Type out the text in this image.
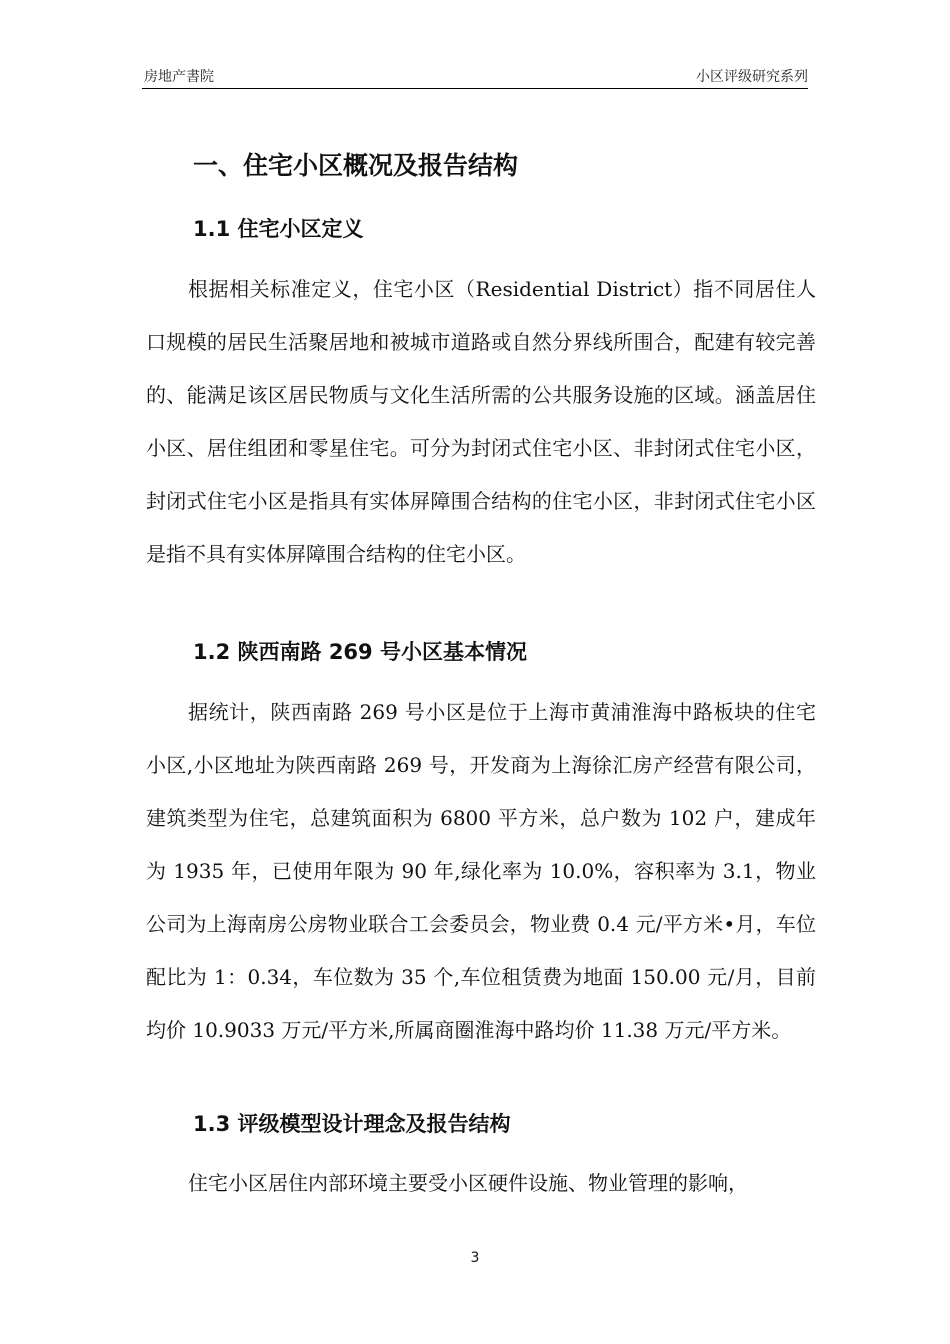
房地产書院	小区评级研究系列
一、住宅小区概况及报告结构
1.1 住宅小区定义

根据相关标准定义，住宅小区（Residential District）指不同居住人口规模的居民生活聚居地和被城市道路或自然分界线所围合，配建有较完善的、能满足该区居民物质与文化生活所需的公共服务设施的区域。涵盖居住小区、居住组团和零星住宅。可分为封闭式住宅小区、非封闭式住宅小区，封闭式住宅小区是指具有实体屏障围合结构的住宅小区，非封闭式住宅小区是指不具有实体屏障围合结构的住宅小区。

1.2 陕西南路 269 号小区基本情况

据统计，陕西南路 269 号小区是位于上海市黄浦淮海中路板块的住宅小区,小区地址为陕西南路 269 号，开发商为上海徐汇房产经营有限公司，建筑类型为住宅，总建筑面积为 6800 平方米，总户数为 102 户，建成年为 1935 年，已使用年限为 90 年,绿化率为 10.0%，容积率为 3.1，物业公司为上海南房公房物业联合工会委员会，物业费 0.4 元/平方米•月，车位配比为 1：0.34，车位数为 35 个,车位租赁费为地面 150.00 元/月，目前均价 10.9033 万元/平方米,所属商圈淮海中路均价 11.38 万元/平方米。

1.3 评级模型设计理念及报告结构

住宅小区居住内部环境主要受小区硬件设施、物业管理的影响，

3
